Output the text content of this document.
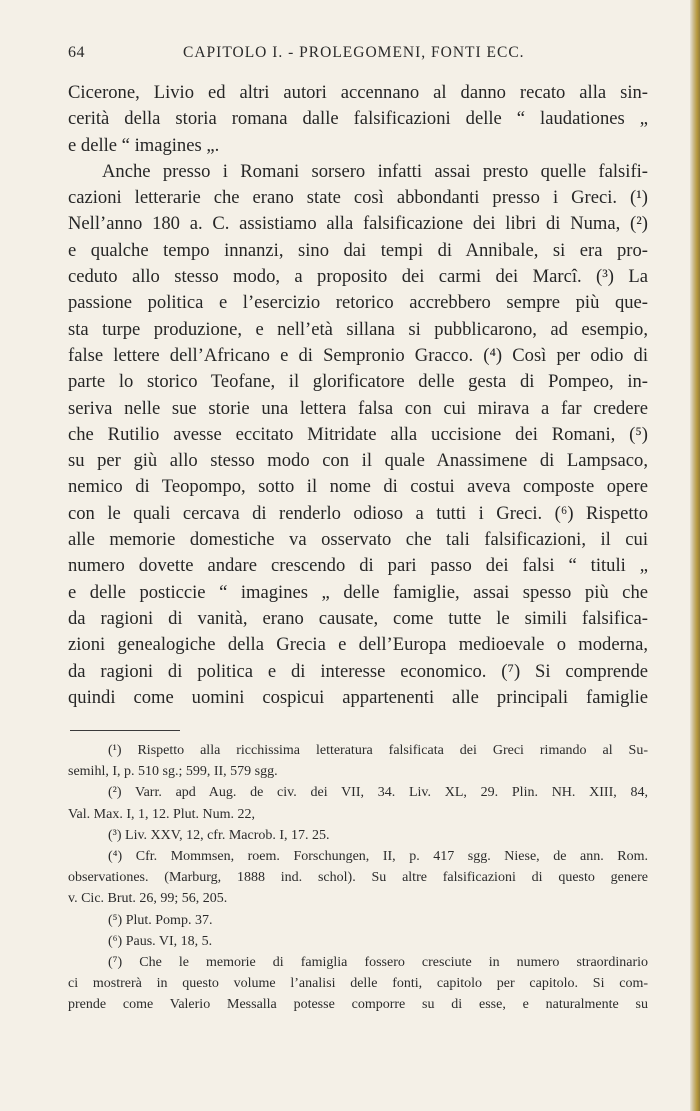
64	CAPITOLO I. - PROLEGOMENI, FONTI ECC.
Cicerone, Livio ed altri autori accennano al danno recato alla sin-
cerità della storia romana dalle falsificazioni delle “ laudationes „
e delle “ imagines „.
Anche presso i Romani sorsero infatti assai presto quelle falsifi-
cazioni letterarie che erano state così abbondanti presso i Greci. (¹)
Nell’anno 180 a. C. assistiamo alla falsificazione dei libri di Numa, (²)
e qualche tempo innanzi, sino dai tempi di Annibale, si era pro-
ceduto allo stesso modo, a proposito dei carmi dei Marcî. (³) La
passione politica e l’esercizio retorico accrebbero sempre più que-
sta turpe produzione, e nell’età sillana si pubblicarono, ad esempio,
false lettere dell’Africano e di Sempronio Gracco. (⁴) Così per odio di
parte lo storico Teofane, il glorificatore delle gesta di Pompeo, in-
seriva nelle sue storie una lettera falsa con cui mirava a far credere
che Rutilio avesse eccitato Mitridate alla uccisione dei Romani, (⁵)
su per giù allo stesso modo con il quale Anassimene di Lampsaco,
nemico di Teopompo, sotto il nome di costui aveva composte opere
con le quali cercava di renderlo odioso a tutti i Greci. (⁶) Rispetto
alle memorie domestiche va osservato che tali falsificazioni, il cui
numero dovette andare crescendo di pari passo dei falsi “ tituli „
e delle posticcie “ imagines „ delle famiglie, assai spesso più che
da ragioni di vanità, erano causate, come tutte le simili falsifica-
zioni genealogiche della Grecia e dell’Europa medioevale o moderna,
da ragioni di politica e di interesse economico. (⁷) Si comprende
quindi come uomini cospicui appartenenti alle principali famiglie
(¹) Rispetto alla ricchissima letteratura falsificata dei Greci rimando al Su-
semihl, I, p. 510 sg.; 599, II, 579 sgg.
(²) Varr. apd Aug. de civ. dei VII, 34. Liv. XL, 29. Plin. NH. XIII, 84,
Val. Max. I, 1, 12. Plut. Num. 22,
(³) Liv. XXV, 12, cfr. Macrob. I, 17. 25.
(⁴) Cfr. Mommsen, roem. Forschungen, II, p. 417 sgg. Niese, de ann. Rom.
observationes. (Marburg, 1888 ind. schol). Su altre falsificazioni di questo genere
v. Cic. Brut. 26, 99; 56, 205.
(⁵) Plut. Pomp. 37.
(⁶) Paus. VI, 18, 5.
(⁷) Che le memorie di famiglia fossero cresciute in numero straordinario
ci mostrerà in questo volume l’analisi delle fonti, capitolo per capitolo. Si com-
prende come Valerio Messalla potesse comporre su di esse, e naturalmente su
